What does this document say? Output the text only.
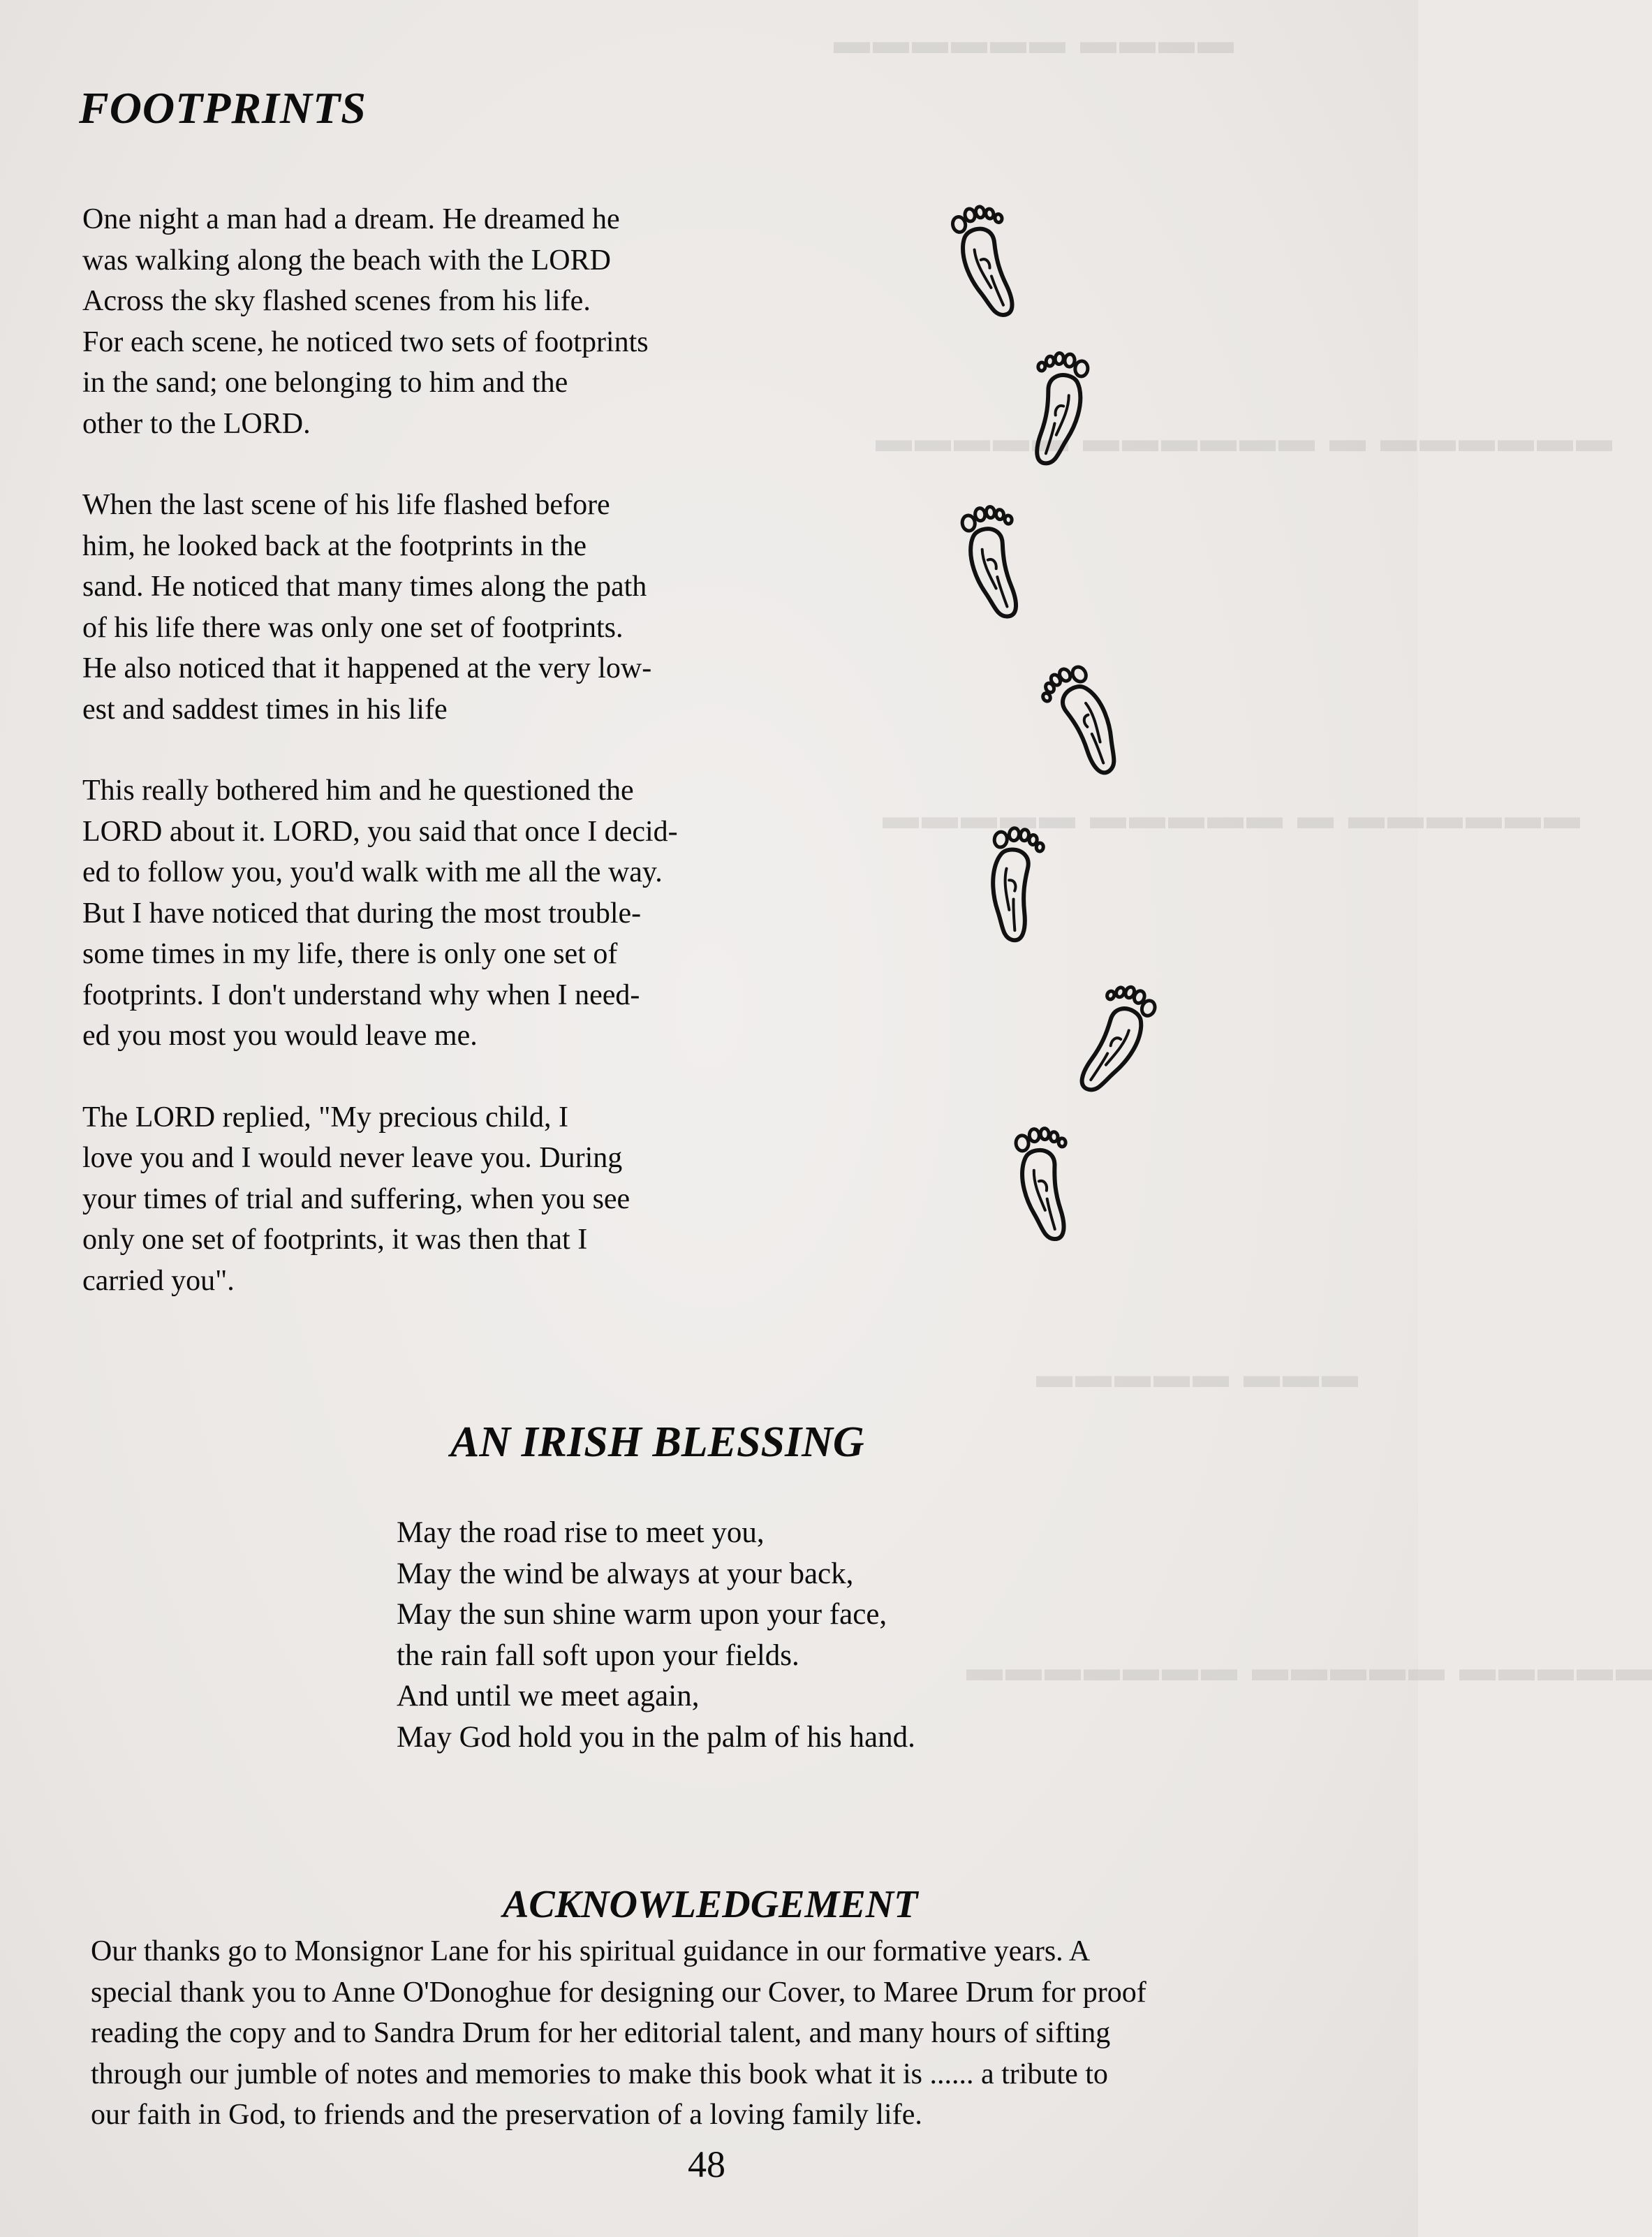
▬▬▬▬ ▬▬▬▬▬▬
▬▬▬▬▬▬ ▬ ▬▬▬▬▬▬ ▬▬▬▬▬
▬▬▬▬▬▬ ▬ ▬▬▬▬▬ ▬▬▬▬▬
▬▬▬ ▬▬▬▬▬
▬▬▬▬▬ ▬▬▬▬▬ ▬▬▬▬▬▬▬
FOOTPRINTS

One night a man had a dream. He dreamed he
was walking along the beach with the LORD
Across the sky flashed scenes from his life.
For each scene, he noticed two sets of footprints
in the sand; one belonging to him and the
other to the LORD.

When the last scene of his life flashed before
him, he looked back at the footprints in the
sand. He noticed that many times along the path
of his life there was only one set of footprints.
He also noticed that it happened at the very low-
est and saddest times in his life

This really bothered him and he questioned the
LORD about it. LORD, you said that once I decid-
ed to follow you, you'd walk with me all the way.
But I have noticed that during the most trouble-
some times in my life, there is only one set of
footprints. I don't understand why when I need-
ed you most you would leave me.

The LORD replied, "My precious child, I
love you and I would never leave you. During
your times of trial and suffering, when you see
only one set of footprints, it was then that I
carried you".

AN IRISH BLESSING
May the road rise to meet you,
May the wind be always at your back,
May the sun shine warm upon your face,
the rain fall soft upon your fields.
And until we meet again,
May God hold you in the palm of his hand.
ACKNOWLEDGEMENT
Our thanks go to Monsignor Lane for his spiritual guidance in our formative years. A
special thank you to Anne O'Donoghue for designing our Cover, to Maree Drum for proof
reading the copy and to Sandra Drum for her editorial talent, and many hours of sifting
through our jumble of notes and memories to make this book what it is ...... a tribute to
our faith in God, to friends and the preservation of a loving family life.
48
